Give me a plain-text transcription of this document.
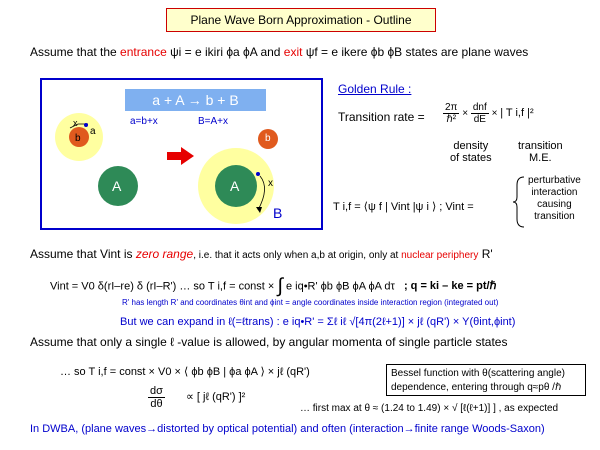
Plane Wave Born Approximation - Outline
Assume that the entrance ψi = e ikiri ϕa ϕA and exit ψf = e ikere ϕb ϕB states are plane waves
a + A → b + B
a=b+x	B=A+x
b
x
a
A	A
b
x
B
Golden Rule :
Transition rate = $\frac{2\pi}{\text{ℏ²}} \times \frac{\text{dnf}}{dE}$ × | T i,f |²
density
of states
transition
M.E.
T i,f = ⟨ψ f | Vint |ψ i ⟩ ; Vint =
perturbative
interaction
causing
transition
Assume that Vint is zero range, i.e. that it acts only when a,b at origin, only at nuclear periphery R'
Vint = V0 δ(rI–re) δ (rI–R') … so T i,f = const × ∫ e iq•R' ϕb ϕB ϕA ϕA dτ ; q = ki – ke = pt/ℏ
R' has length R' and coordinates θint and ϕint = angle coordinates inside interaction region (integrated out)
But we can expand in ℓ(=ℓtrans) : e iq•R' = Σℓ iℓ √[4π(2ℓ+1)] × jℓ (qR') × Y(θint,ϕint)
Assume that only a single ℓ -value is allowed, by angular momenta of single particle states
… so T i,f = const × V0 × ⟨ ϕb ϕB | ϕa ϕA ⟩ × jℓ (qR')	Bessel function with θ(scattering angle) dependence, entering through q≈pθ /ℏ
$\frac{d\sigma}{d\theta}$ ∝ [ jℓ (qR') ]²
… first max at θ ≈ (1.24 to 1.49) × √ [ℓ(ℓ+1)] ] , as expected
In DWBA, (plane waves→distorted by optical potential) and often (interaction→finite range Woods-Saxon)
